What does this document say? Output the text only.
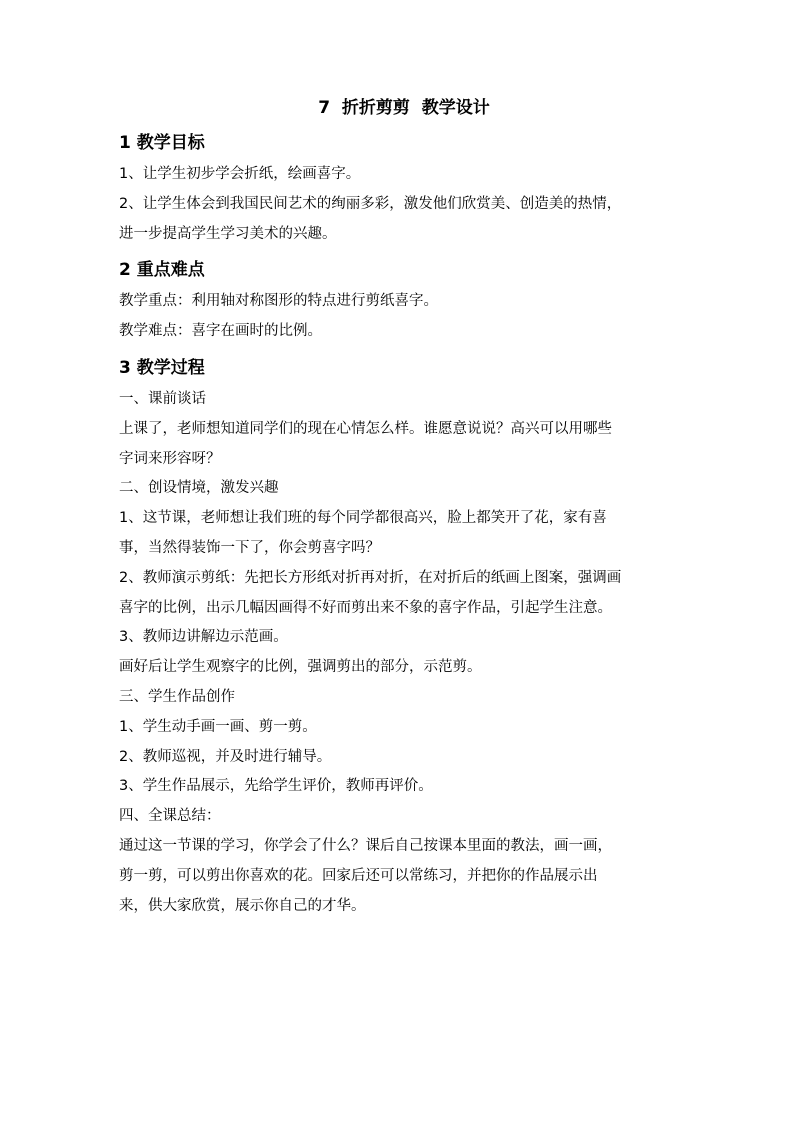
7  折折剪剪  教学设计
1 教学目标

1、让学生初步学会折纸，绘画喜字。

2、让学生体会到我国民间艺术的绚丽多彩，激发他们欣赏美、创造美的热情，

进一步提高学生学习美术的兴趣。

2 重点难点

教学重点：利用轴对称图形的特点进行剪纸喜字。

教学难点：喜字在画时的比例。

3 教学过程

一、课前谈话

上课了，老师想知道同学们的现在心情怎么样。谁愿意说说？高兴可以用哪些

字词来形容呀？

二、创设情境，激发兴趣

1、这节课，老师想让我们班的每个同学都很高兴，脸上都笑开了花，家有喜

事，当然得装饰一下了，你会剪喜字吗？

2、教师演示剪纸：先把长方形纸对折再对折，在对折后的纸画上图案，强调画

喜字的比例，出示几幅因画得不好而剪出来不象的喜字作品，引起学生注意。

3、教师边讲解边示范画。

画好后让学生观察字的比例，强调剪出的部分，示范剪。

三、学生作品创作

1、学生动手画一画、剪一剪。

2、教师巡视，并及时进行辅导。

3、学生作品展示，先给学生评价，教师再评价。

四、全课总结：

通过这一节课的学习，你学会了什么？课后自己按课本里面的教法，画一画，

剪一剪，可以剪出你喜欢的花。回家后还可以常练习，并把你的作品展示出

来，供大家欣赏，展示你自己的才华。
